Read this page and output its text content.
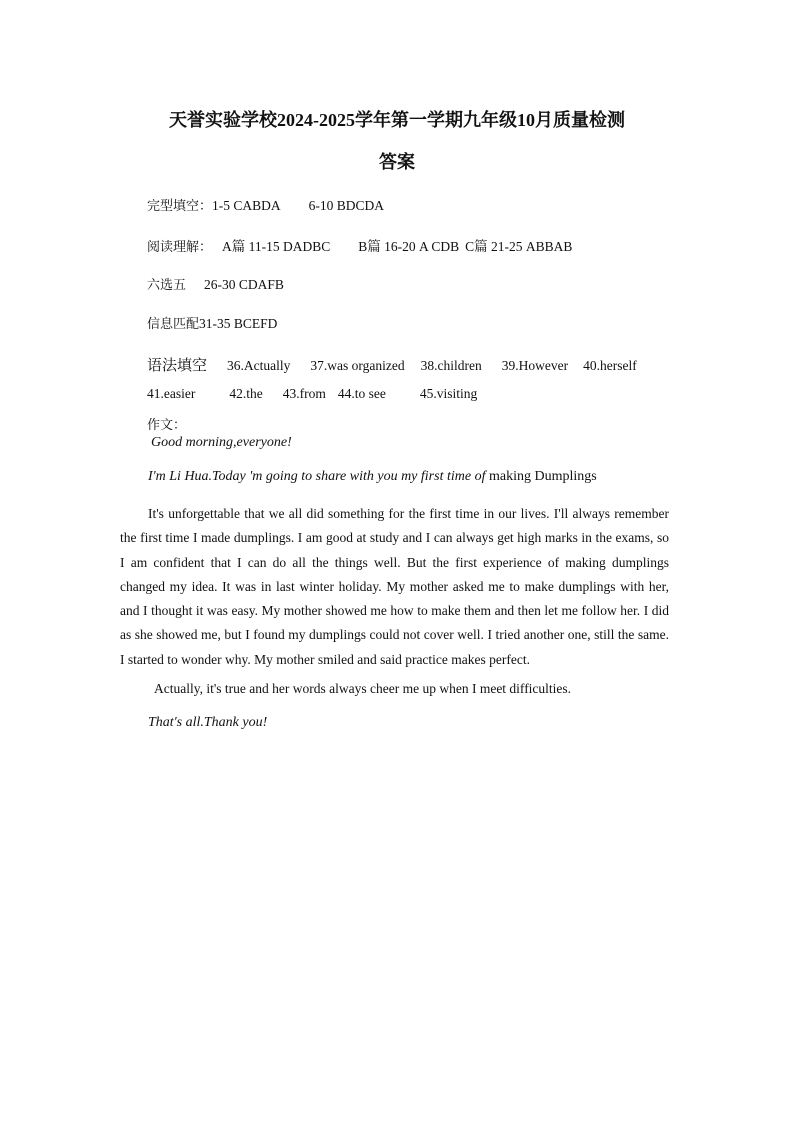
天誉实验学校2024-2025学年第一学期九年级10月质量检测
答案
完型填空：1-5 CABDA 6-10 BDCDA
阅读理解： A篇 11-15 DADBC B篇 16-20 A CDB C篇 21-25 ABBAB
六选五 26-30 CDAFB
信息匹配31-35 BCEFD
语法填空 36.Actually 37.was organized 38.children 39.However 40.herself
41.easier	42.the 43.from 44.to see	45.visiting
作文：
Good morning,everyone!
I'm Li Hua.Today 'm going to share with you my first time of making Dumplings

It's unforgettable that we all did something for the first time in our lives. I'll always remember the first time I made dumplings. I am good at study and I can always get high marks in the exams, so I am confident that I can do all the things well. But the first experience of making dumplings changed my idea. It was in last winter holiday. My mother asked me to make dumplings with her, and I thought it was easy. My mother showed me how to make them and then let me follow her. I did as she showed me, but I found my dumplings could not cover well. I tried another one, still the same. I started to wonder why. My mother smiled and said practice makes perfect.

Actually, it's true and her words always cheer me up when I meet difficulties.
That's all.Thank you!
